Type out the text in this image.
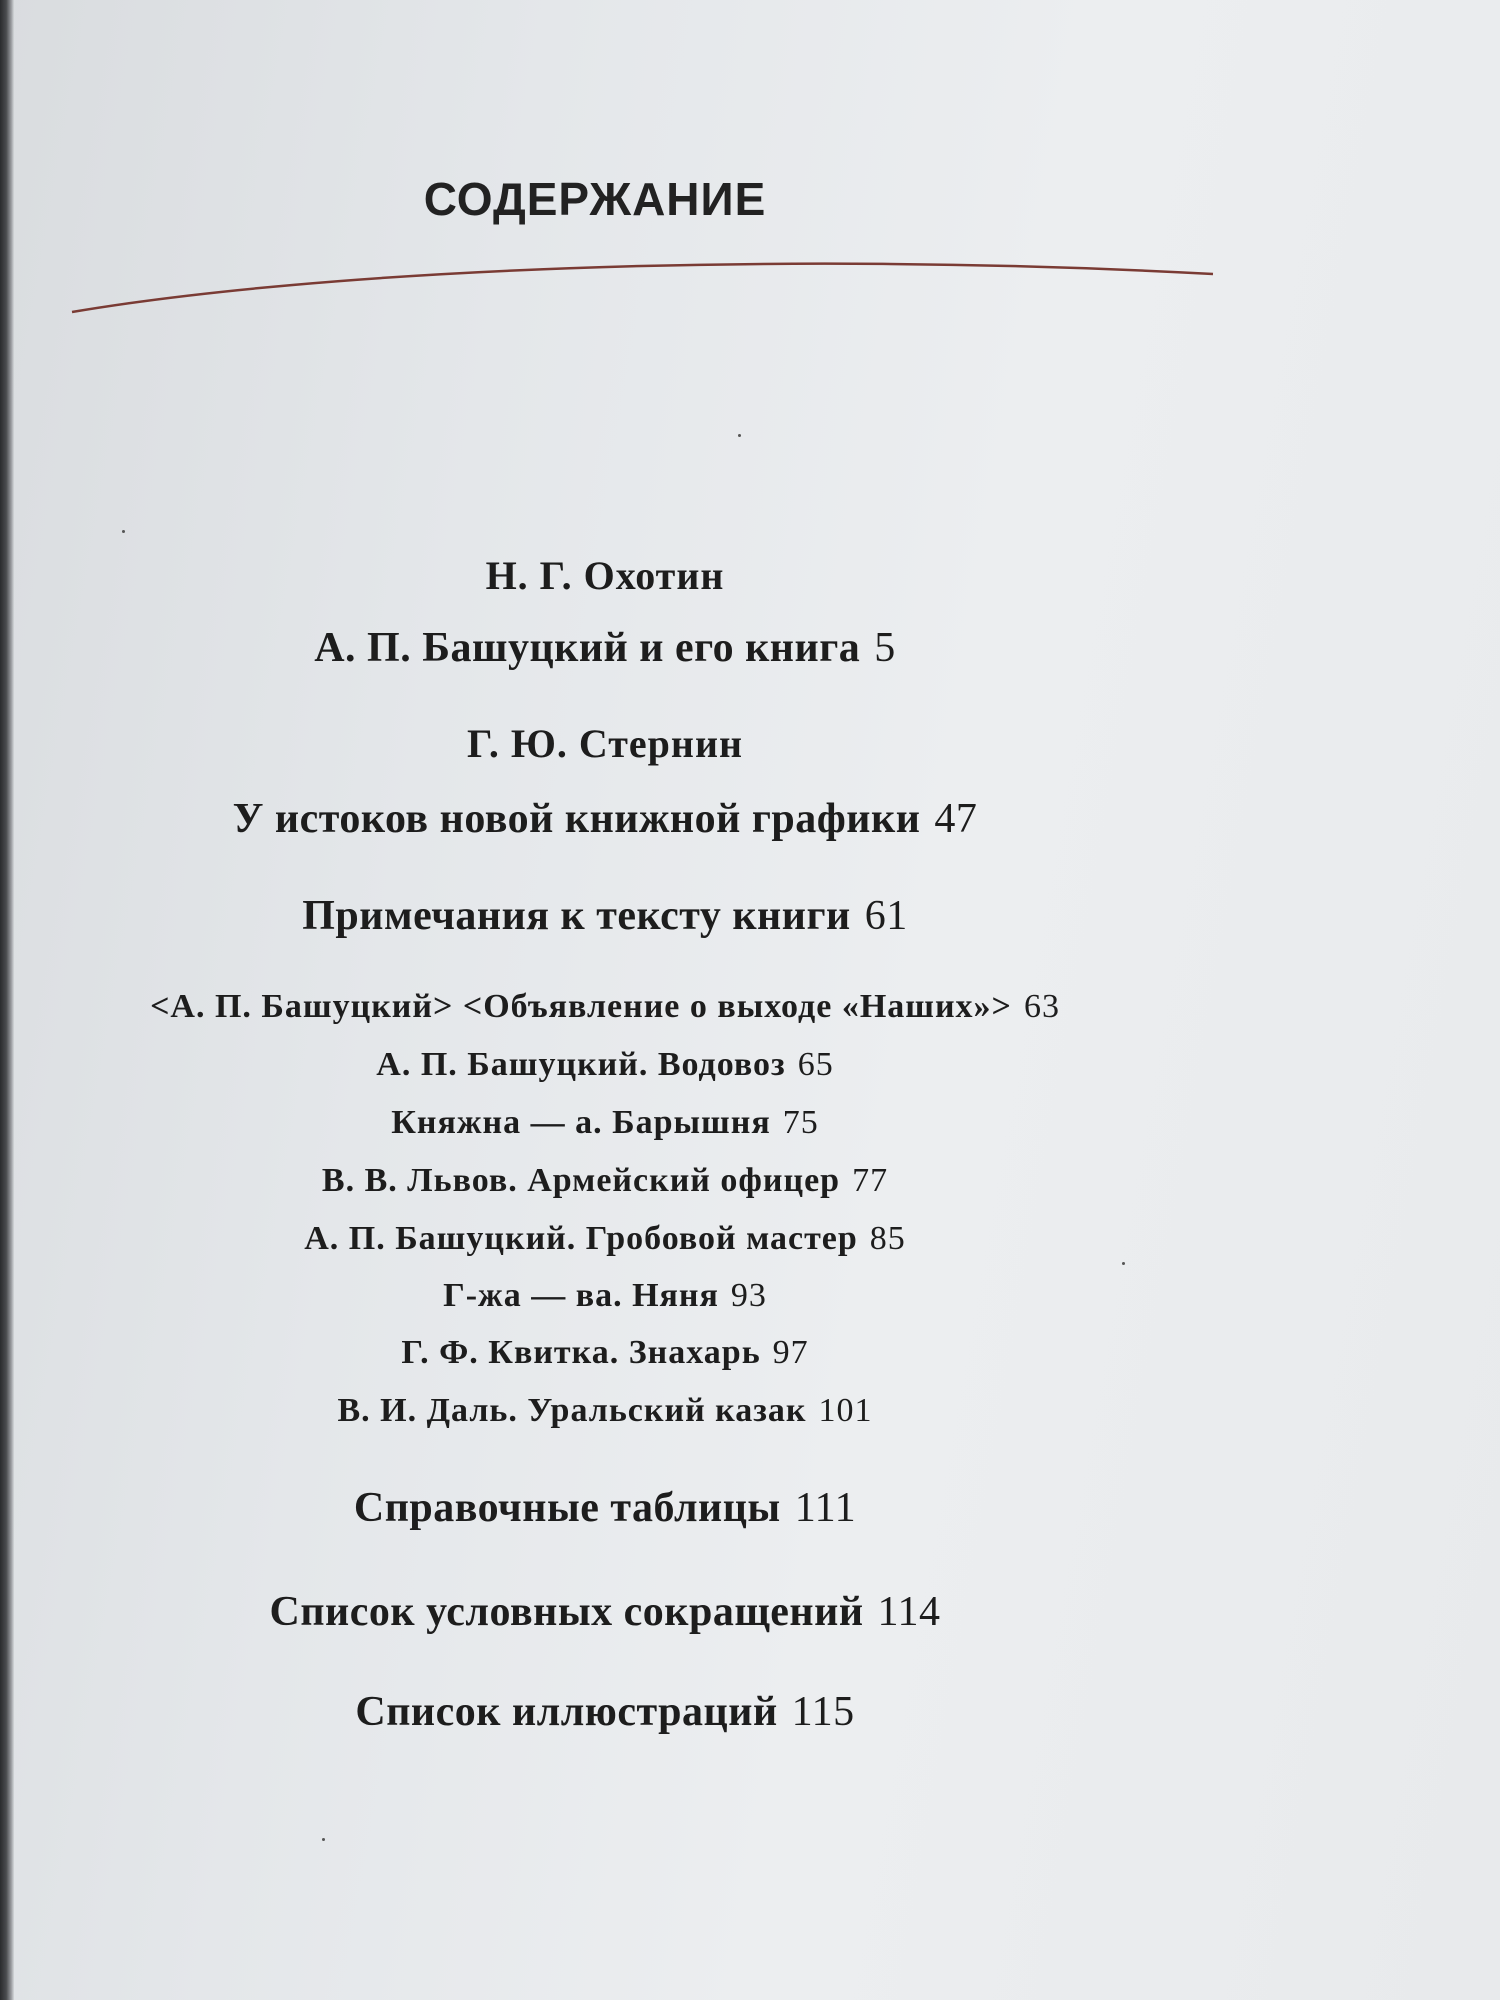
СОДЕРЖАНИЕ
Н. Г. Охотин
А. П. Башуцкий и его книга 5
Г. Ю. Стернин
У истоков новой книжной графики 47
Примечания к тексту книги 61
<А. П. Башуцкий> <Объявление о выходе «Наших»> 63
А. П. Башуцкий. Водовоз 65
Княжна — а. Барышня 75
В. В. Львов. Армейский офицер 77
А. П. Башуцкий. Гробовой мастер 85
Г-жа — ва. Няня 93
Г. Ф. Квитка. Знахарь 97
В. И. Даль. Уральский казак 101
Справочные таблицы 111
Список условных сокращений 114
Список иллюстраций 115
